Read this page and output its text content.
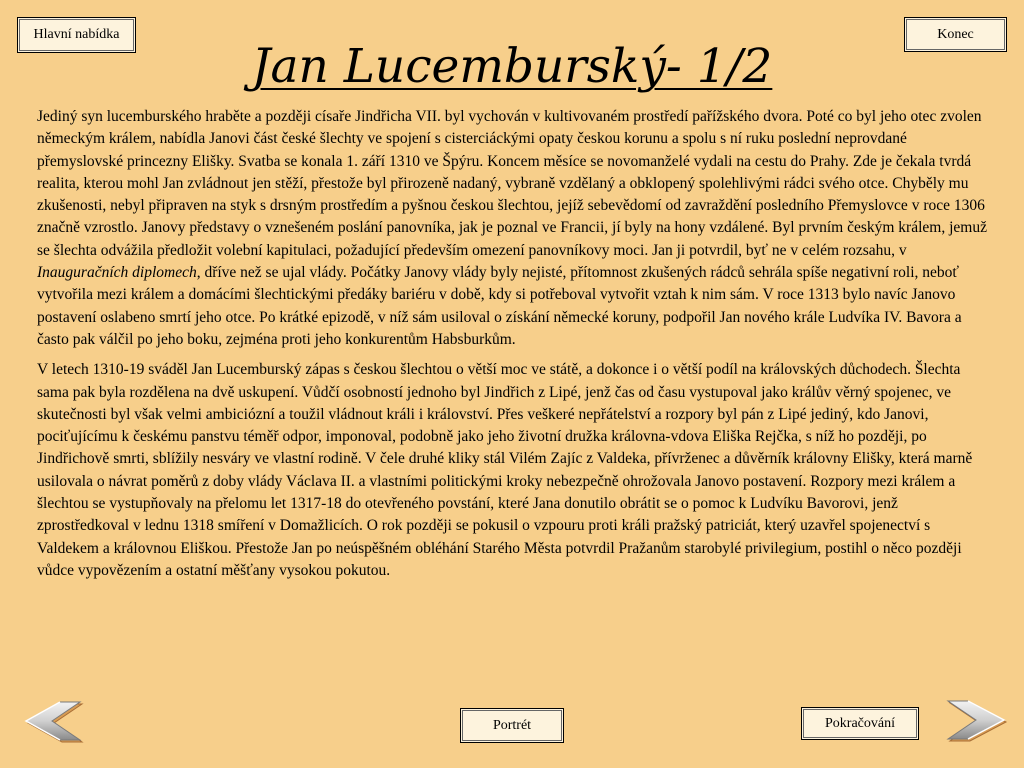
Hlavní nabídka	Konec
Jan Lucemburský- 1/2

Jediný syn lucemburského hraběte a později císaře Jindřicha VII. byl vychován v kultivovaném prostředí pařížského dvora. Poté co byl jeho otec zvolen německým králem, nabídla Janovi část české šlechty ve spojení s cisterciáckými opaty českou korunu a spolu s ní ruku poslední neprovdané přemyslovské princezny Elišky. Svatba se konala 1. září 1310 ve Špýru. Koncem měsíce se novomanželé vydali na cestu do Prahy. Zde je čekala tvrdá realita, kterou mohl Jan zvládnout jen stěží, přestože byl přirozeně nadaný, vybraně vzdělaný a obklopený spolehlivými rádci svého otce. Chyběly mu zkušenosti, nebyl připraven na styk s drsným prostředím a pyšnou českou šlechtou, jejíž sebevědomí od zavraždění posledního Přemyslovce v roce 1306 značně vzrostlo. Janovy představy o vznešeném poslání panovníka, jak je poznal ve Francii, jí byly na hony vzdálené. Byl prvním českým králem, jemuž se šlechta odvážila předložit volební kapitulaci, požadující především omezení panovníkovy moci. Jan ji potvrdil, byť ne v celém rozsahu, v Inauguračních diplomech, dříve než se ujal vlády. Počátky Janovy vlády byly nejisté, přítomnost zkušených rádců sehrála spíše negativní roli, neboť vytvořila mezi králem a domácími šlechtickými předáky bariéru v době, kdy si potřeboval vytvořit vztah k nim sám. V roce 1313 bylo navíc Janovo postavení oslabeno smrtí jeho otce. Po krátké epizodě, v níž sám usiloval o získání německé koruny, podpořil Jan nového krále Ludvíka IV. Bavora a často pak válčil po jeho boku, zejména proti jeho konkurentům Habsburkům.

V letech 1310-19 sváděl Jan Lucemburský zápas s českou šlechtou o větší moc ve státě, a dokonce i o větší podíl na královských důchodech. Šlechta sama pak byla rozdělena na dvě uskupení. Vůdčí osobností jednoho byl Jindřich z Lipé, jenž čas od času vystupoval jako králův věrný spojenec, ve skutečnosti byl však velmi ambiciózní a toužil vládnout králi i království. Přes veškeré nepřátelství a rozpory byl pán z Lipé jediný, kdo Janovi, pociťujícímu k českému panstvu téměř odpor, imponoval, podobně jako jeho životní družka královna-vdova Eliška Rejčka, s níž ho později, po Jindřichově smrti, sblížily nesváry ve vlastní rodině. V čele druhé kliky stál Vilém Zajíc z Valdeka, přívrženec a důvěrník královny Elišky, která marně usilovala o návrat poměrů z doby vlády Václava II. a vlastními politickými kroky nebezpečně ohrožovala Janovo postavení. Rozpory mezi králem a šlechtou se vystupňovaly na přelomu let 1317-18 do otevřeného povstání, které Jana donutilo obrátit se o pomoc k Ludvíku Bavorovi, jenž zprostředkoval v lednu 1318 smíření v Domažlicích. O rok později se pokusil o vzpouru proti králi pražský patriciát, který uzavřel spojenectví s Valdekem a královnou Eliškou. Přestože Jan po neúspěšném obléhání Starého Města potvrdil Pražanům starobylé privilegium, postihl o něco později vůdce vypovězením a ostatní měšťany vysokou pokutou.

Portrét	Pokračování
